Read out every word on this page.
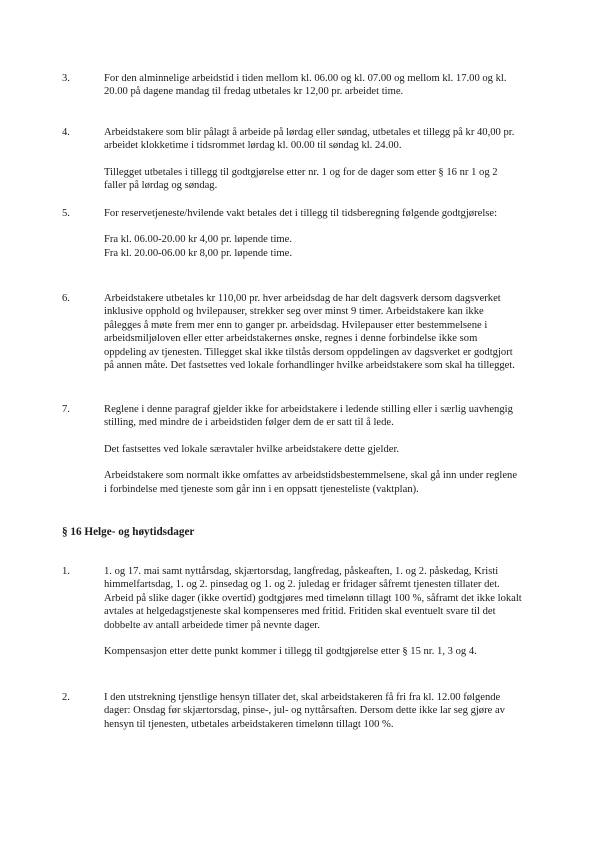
3.	For den alminnelige arbeidstid i tiden mellom kl. 06.00 og kl. 07.00 og mellom kl. 17.00 og kl. 20.00 på dagene mandag til fredag utbetales kr 12,00 pr. arbeidet time.

4.	Arbeidstakere som blir pålagt å arbeide på lørdag eller søndag, utbetales et tillegg på kr 40,00 pr. arbeidet klokketime i tidsrommet lørdag kl. 00.00 til søndag kl. 24.00.

Tillegget utbetales i tillegg til godtgjørelse etter nr. 1 og for de dager som etter § 16 nr 1 og 2 faller på lørdag og søndag.

5.	For reservetjeneste/hvilende vakt betales det i tillegg til tidsberegning følgende godtgjørelse:

Fra kl. 06.00-20.00 kr 4,00 pr. løpende time.

Fra kl. 20.00-06.00 kr 8,00 pr. løpende time.

6.	Arbeidstakere utbetales kr 110,00 pr. hver arbeidsdag de har delt dagsverk dersom dagsverket inklusive opphold og hvilepauser, strekker seg over minst 9 timer. Arbeidstakere kan ikke pålegges å møte frem mer enn to ganger pr. arbeidsdag. Hvilepauser etter bestemmelsene i arbeidsmiljøloven eller etter arbeidstakernes ønske, regnes i denne forbindelse ikke som oppdeling av tjenesten. Tillegget skal ikke tilstås dersom oppdelingen av dagsverket er godtgjort på annen måte. Det fastsettes ved lokale forhandlinger hvilke arbeidstakere som skal ha tillegget.

7.	Reglene i denne paragraf gjelder ikke for arbeidstakere i ledende stilling eller i særlig uavhengig stilling, med mindre de i arbeidstiden følger dem de er satt til å lede.

Det fastsettes ved lokale særavtaler hvilke arbeidstakere dette gjelder.

Arbeidstakere som normalt ikke omfattes av arbeidstidsbestemmelsene, skal gå inn under reglene i forbindelse med tjeneste som går inn i en oppsatt tjenesteliste (vaktplan).

§ 16 Helge- og høytidsdager
1.	1. og 17. mai samt nyttårsdag, skjærtorsdag, langfredag, påskeaften, 1. og 2. påskedag, Kristi himmelfartsdag, 1. og 2. pinsedag og 1. og 2. juledag er fridager såfremt tjenesten tillater det. Arbeid på slike dager (ikke overtid) godtgjøres med timelønn tillagt 100 %, såframt det ikke lokalt avtales at helgedagstjeneste skal kompenseres med fritid. Fritiden skal eventuelt svare til det dobbelte av antall arbeidede timer på nevnte dager.

Kompensasjon etter dette punkt kommer i tillegg til godtgjørelse etter § 15 nr. 1, 3 og 4.

2.	I den utstrekning tjenstlige hensyn tillater det, skal arbeidstakeren få fri fra kl. 12.00 følgende dager: Onsdag før skjærtorsdag, pinse-, jul- og nyttårsaften. Dersom dette ikke lar seg gjøre av hensyn til tjenesten, utbetales arbeidstakeren timelønn tillagt 100 %.
